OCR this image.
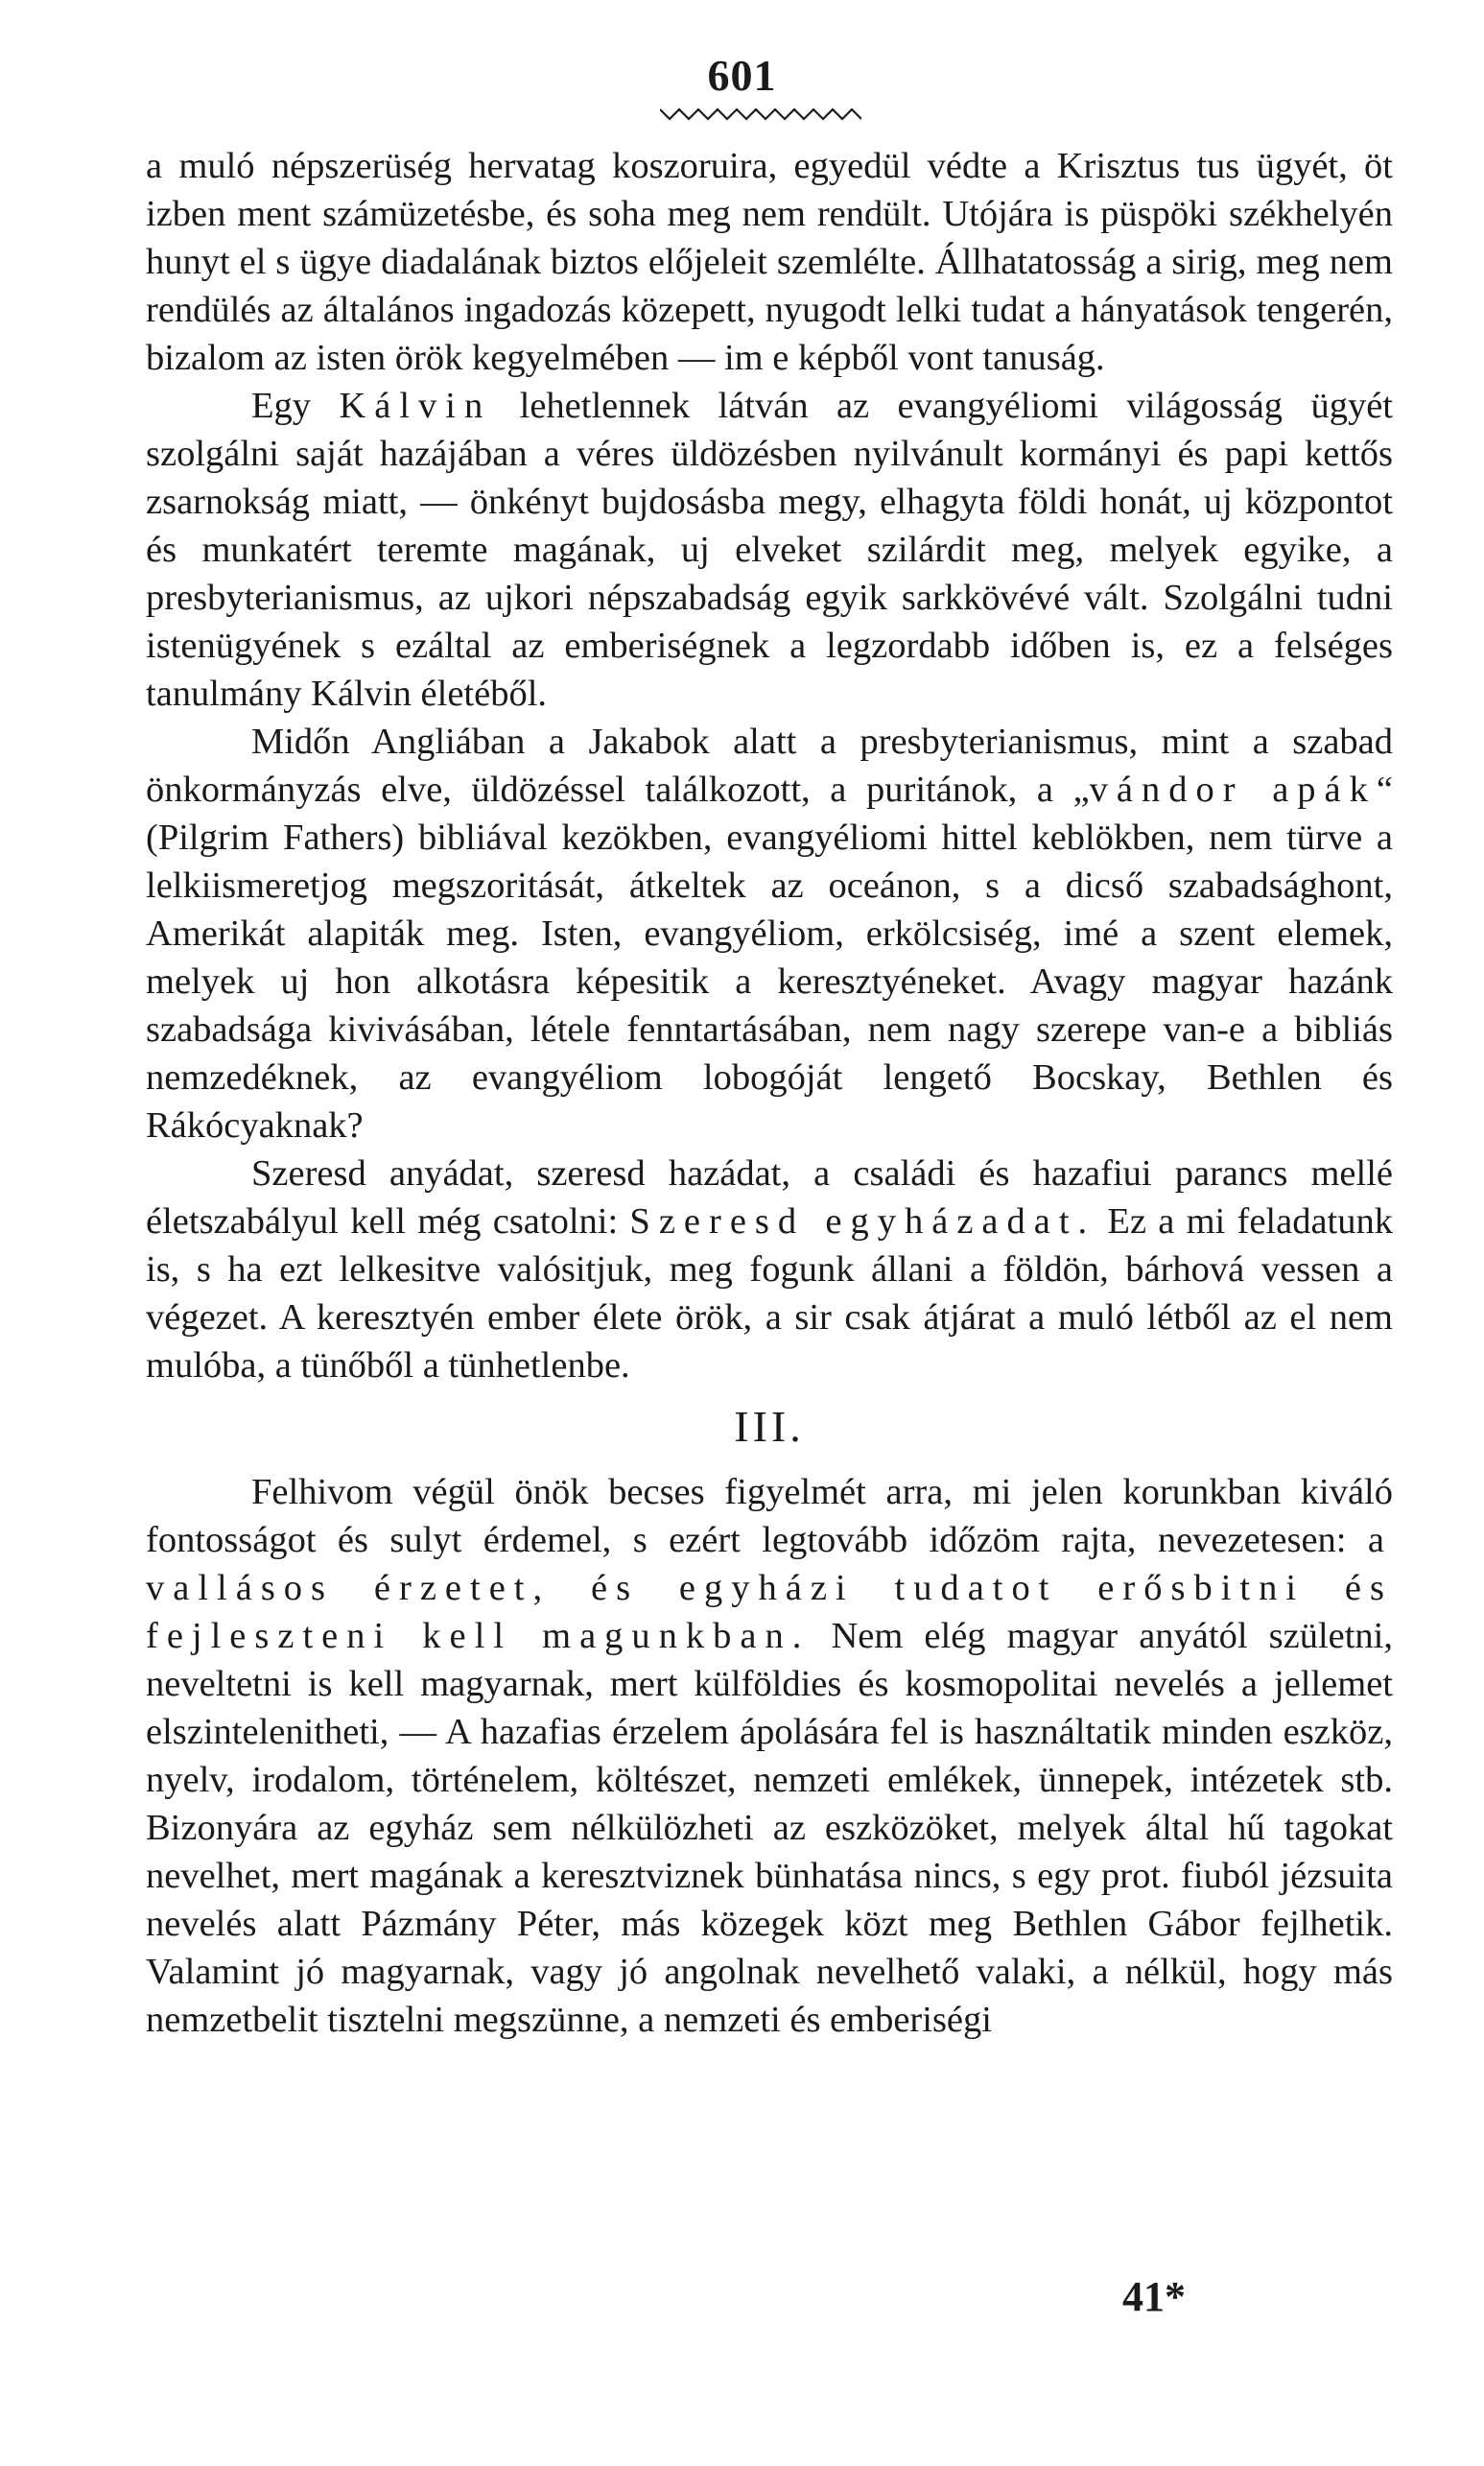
601

a muló népszerüség hervatag koszoruira, egyedül védte a Krisztus tus ügyét, öt izben ment számüzetésbe, és soha meg nem rendült. Utójára is püspöki székhelyén hunyt el s ügye diadalának biztos előjeleit szemlélte. Állhatatosság a sirig, meg nem rendülés az általános ingadozás közepett, nyugodt lelki tudat a hányatások tengerén, bizalom az isten örök kegyelmében — im e képből vont tanuság.

Egy Kálvin lehetlennek látván az evangyéliomi világosság ügyét szolgálni saját hazájában a véres üldözésben nyilvánult kormányi és papi kettős zsarnokság miatt, — önkényt bujdosásba megy, elhagyta földi honát, uj központot és munkatért teremte magának, uj elveket szilárdit meg, melyek egyike, a presbyterianismus, az ujkori népszabadság egyik sarkkövévé vált. Szolgálni tudni istenügyének s ezáltal az emberiségnek a legzordabb időben is, ez a felséges tanulmány Kálvin életéből.

Midőn Angliában a Jakabok alatt a presbyterianismus, mint a szabad önkormányzás elve, üldözéssel találkozott, a puritánok, a „vándor apák“ (Pilgrim Fathers) bibliával kezökben, evangyéliomi hittel keblökben, nem türve a lelkiismeretjog megszoritását, átkeltek az oceánon, s a dicső szabadsághont, Amerikát alapiták meg. Isten, evangyéliom, erkölcsiség, imé a szent elemek, melyek uj hon alkotásra képesitik a keresztyéneket. Avagy magyar hazánk szabadsága kivivásában, létele fenntartásában, nem nagy szerepe van-e a bibliás nemzedéknek, az evangyéliom lobogóját lengető Bocskay, Bethlen és Rákócyaknak?

Szeresd anyádat, szeresd hazádat, a családi és hazafiui parancs mellé életszabályul kell még csatolni: Szeresd egyházadat. Ez a mi feladatunk is, s ha ezt lelkesitve valósitjuk, meg fogunk állani a földön, bárhová vessen a végezet. A keresztyén ember élete örök, a sir csak átjárat a muló létből az el nem mulóba, a tünőből a tünhetlenbe.

III.

Felhivom végül önök becses figyelmét arra, mi jelen korunkban kiváló fontosságot és sulyt érdemel, s ezért legtovább időzöm rajta, nevezetesen: a vallásos érzetet, és egyházi tudatot erősbitni és fejleszteni kell magunkban. Nem elég magyar anyától születni, neveltetni is kell magyarnak, mert külföldies és kosmopolitai nevelés a jellemet elszintelenitheti, — A hazafias érzelem ápolására fel is használtatik minden eszköz, nyelv, irodalom, történelem, költészet, nemzeti emlékek, ünnepek, intézetek stb. Bizonyára az egyház sem nélkülözheti az eszközöket, melyek által hű tagokat nevelhet, mert magának a keresztviznek bünhatása nincs, s egy prot. fiuból jézsuita nevelés alatt Pázmány Péter, más közegek közt meg Bethlen Gábor fejlhetik. Valamint jó magyarnak, vagy jó angolnak nevelhető valaki, a nélkül, hogy más nemzetbelit tisztelni megszünne, a nemzeti és emberiségi

41*
